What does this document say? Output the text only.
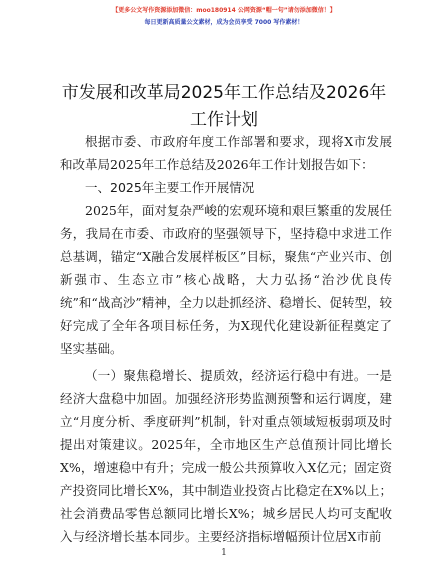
【更多公文写作资源添加微信：moo180914 公网资源“帽一句”请勿添加微信！】
每日更新高质量公文素材，成为会员享受 7000 写作素材！
市发展和改革局2025年工作总结及2026年工作计划

根据市委、市政府年度工作部署和要求，现将X市发展和改革局2025年工作总结及2026年工作计划报告如下：

一、2025年主要工作开展情况

2025年，面对复杂严峻的宏观环境和艰巨繁重的发展任务，我局在市委、市政府的坚强领导下，坚持稳中求进工作总基调，锚定“X融合发展样板区”目标，聚焦“产业兴市、创新强市、生态立市”核心战略，大力弘扬“治沙优良传统”和“战高沙”精神，全力以赴抓经济、稳增长、促转型，较好完成了全年各项目标任务，为X现代化建设新征程奠定了坚实基础。

（一）聚焦稳增长、提质效，经济运行稳中有进。一是经济大盘稳中加固。加强经济形势监测预警和运行调度，建立“月度分析、季度研判”机制，针对重点领域短板弱项及时提出对策建议。2025年，全市地区生产总值预计同比增长X%，增速稳中有升；完成一般公共预算收入X亿元；固定资产投资同比增长X%，其中制造业投资占比稳定在X%以上；社会消费品零售总额同比增长X%；城乡居民人均可支配收入与经济增长基本同步。主要经济指标增幅预计位居X市前

1
